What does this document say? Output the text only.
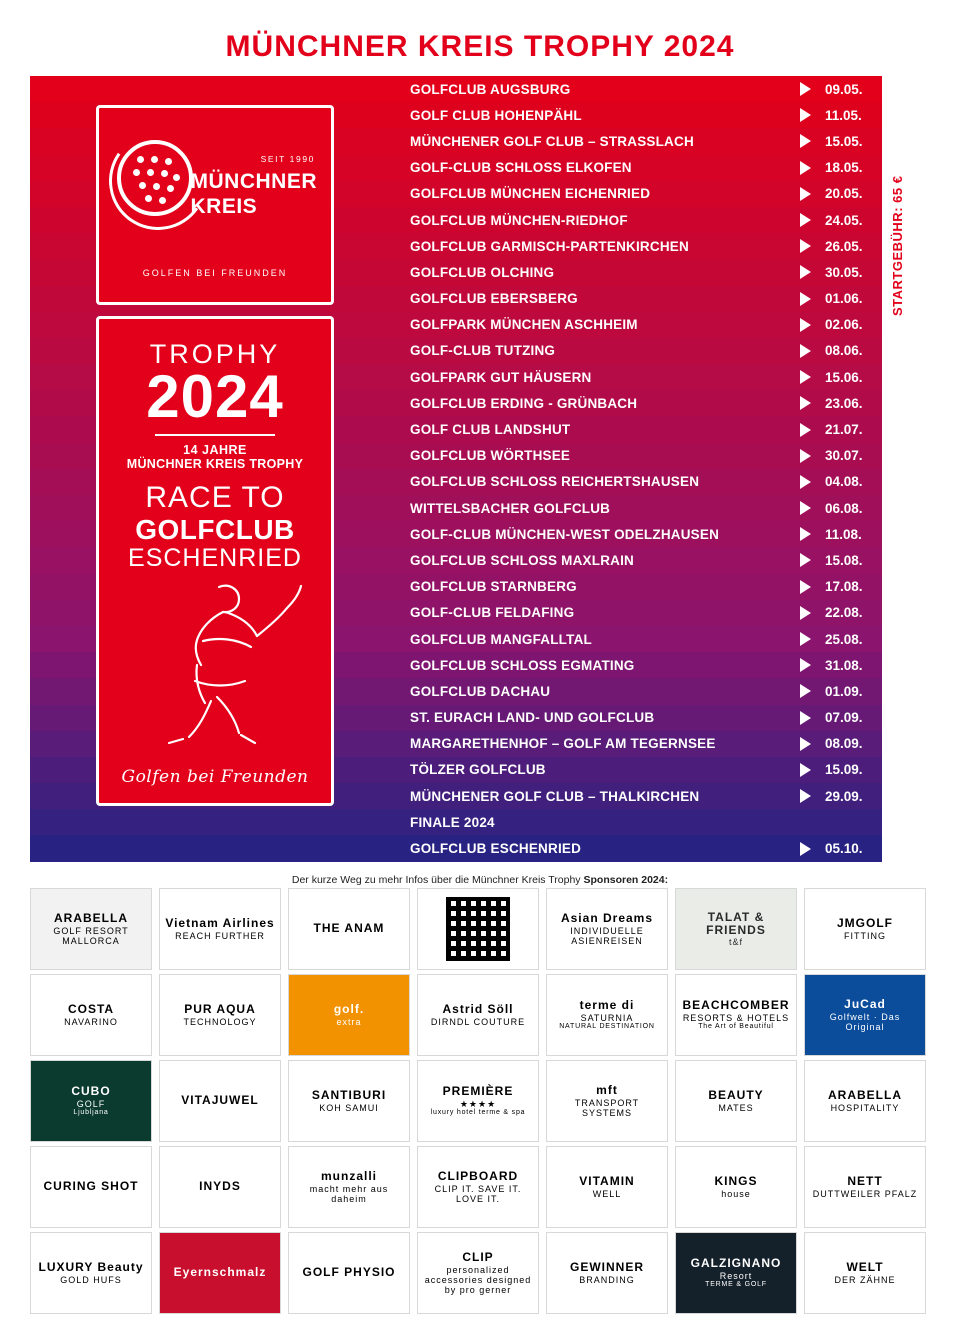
MÜNCHNER KREIS TROPHY 2024
STARTGEBÜHR: 65 €
GOLFCLUB AUGSBURG	09.05.
GOLF CLUB HOHENPÄHL	11.05.
MÜNCHENER GOLF CLUB – STRASSLACH	15.05.
GOLF-CLUB SCHLOSS ELKOFEN	18.05.
GOLFCLUB MÜNCHEN EICHENRIED	20.05.
GOLFCLUB MÜNCHEN-RIEDHOF	24.05.
GOLFCLUB GARMISCH-PARTENKIRCHEN	26.05.
GOLFCLUB OLCHING	30.05.
GOLFCLUB EBERSBERG	01.06.
GOLFPARK MÜNCHEN ASCHHEIM	02.06.
GOLF-CLUB TUTZING	08.06.
GOLFPARK GUT HÄUSERN	15.06.
GOLFCLUB ERDING - GRÜNBACH	23.06.
GOLF CLUB LANDSHUT	21.07.
GOLFCLUB WÖRTHSEE	30.07.
GOLFCLUB SCHLOSS REICHERTSHAUSEN	04.08.
WITTELSBACHER GOLFCLUB	06.08.
GOLF-CLUB MÜNCHEN-WEST ODELZHAUSEN	11.08.
GOLFCLUB SCHLOSS MAXLRAIN	15.08.
GOLFCLUB STARNBERG	17.08.
GOLF-CLUB FELDAFING	22.08.
GOLFCLUB MANGFALLTAL	25.08.
GOLFCLUB SCHLOSS EGMATING	31.08.
GOLFCLUB DACHAU	01.09.
ST. EURACH LAND- UND GOLFCLUB	07.09.
MARGARETHENHOF – GOLF AM TEGERNSEE	08.09.
TÖLZER GOLFCLUB	15.09.
MÜNCHENER GOLF CLUB – THALKIRCHEN	29.09.
FINALE 2024
GOLFCLUB ESCHENRIED	05.10.
SEIT 1990
MÜNCHNER
KREIS
GOLFEN BEI FREUNDEN
TROPHY
2024
14 JAHRE
MÜNCHNER KREIS TROPHY
RACE TO
GOLFCLUB
ESCHENRIED
Golfen bei Freunden
Der kurze Weg zu mehr Infos über die Münchner Kreis Trophy Sponsoren 2024:
ARABELLA
GOLF RESORT MALLORCA
Vietnam Airlines
REACH FURTHER
THE ANAM
Asian Dreams
INDIVIDUELLE ASIENREISEN
TALAT & FRIENDS
t&f
JMGOLF
FITTING
COSTA
NAVARINO
PUR AQUA
TECHNOLOGY
golf.
extra
Astrid Söll
DIRNDL COUTURE
terme di
SATURNIA
NATURAL DESTINATION
BEACHCOMBER
RESORTS & HOTELS
The Art of Beautiful
JuCad
Golfwelt · Das Original
CUBO
GOLF
Ljubljana
VITAJUWEL	SANTIBURI
KOH SAMUI
PREMIÈRE
★★★★
luxury hotel terme & spa
mft
TRANSPORT SYSTEMS
BEAUTY
MATES
ARABELLA
HOSPITALITY
CURING SHOT	INYDS
munzalli
macht mehr aus daheim
CLIPBOARD
CLIP IT. SAVE IT. LOVE IT.
VITAMIN
WELL
KINGS
house
NETT
DUTTWEILER PFALZ
LUXURY Beauty
GOLD HUFS
Eyernschmalz	GOLF PHYSIO
CLIP
personalized accessories designed by pro gerner
GEWINNER
BRANDING
GALZIGNANO
Resort
TERME & GOLF
WELT
DER ZÄHNE
